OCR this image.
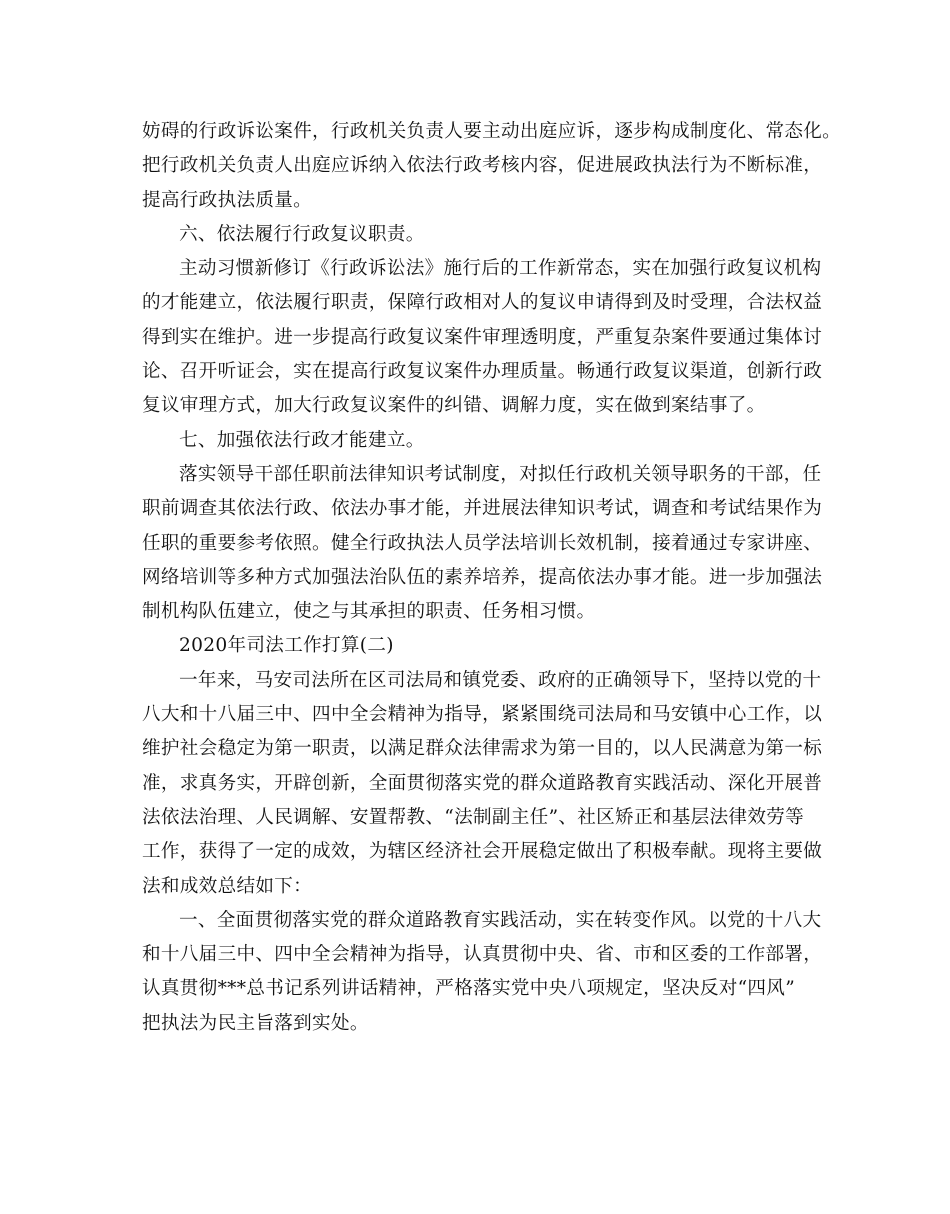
妨碍的行政诉讼案件，行政机关负责人要主动出庭应诉，逐步构成制度化、常态化。
把行政机关负责人出庭应诉纳入依法行政考核内容，促进展政执法行为不断标准，
提高行政执法质量。
六、依法履行行政复议职责。
主动习惯新修订《行政诉讼法》施行后的工作新常态，实在加强行政复议机构
的才能建立，依法履行职责，保障行政相对人的复议申请得到及时受理，合法权益
得到实在维护。进一步提高行政复议案件审理透明度，严重复杂案件要通过集体讨
论、召开听证会，实在提高行政复议案件办理质量。畅通行政复议渠道，创新行政
复议审理方式，加大行政复议案件的纠错、调解力度，实在做到案结事了。
七、加强依法行政才能建立。
落实领导干部任职前法律知识考试制度，对拟任行政机关领导职务的干部，任
职前调查其依法行政、依法办事才能，并进展法律知识考试，调查和考试结果作为
任职的重要参考依照。健全行政执法人员学法培训长效机制，接着通过专家讲座、
网络培训等多种方式加强法治队伍的素养培养，提高依法办事才能。进一步加强法
制机构队伍建立，使之与其承担的职责、任务相习惯。
2020年司法工作打算(二)
一年来，马安司法所在区司法局和镇党委、政府的正确领导下，坚持以党的十
八大和十八届三中、四中全会精神为指导，紧紧围绕司法局和马安镇中心工作，以
维护社会稳定为第一职责，以满足群众法律需求为第一目的，以人民满意为第一标
准，求真务实，开辟创新，全面贯彻落实党的群众道路教育实践活动、深化开展普
法依法治理、人民调解、安置帮教、“法制副主任”、社区矫正和基层法律效劳等
工作，获得了一定的成效，为辖区经济社会开展稳定做出了积极奉献。现将主要做
法和成效总结如下：
一、全面贯彻落实党的群众道路教育实践活动，实在转变作风。以党的十八大
和十八届三中、四中全会精神为指导，认真贯彻中央、省、市和区委的工作部署，
认真贯彻***总书记系列讲话精神，严格落实党中央八项规定，坚决反对“四风”
把执法为民主旨落到实处。
